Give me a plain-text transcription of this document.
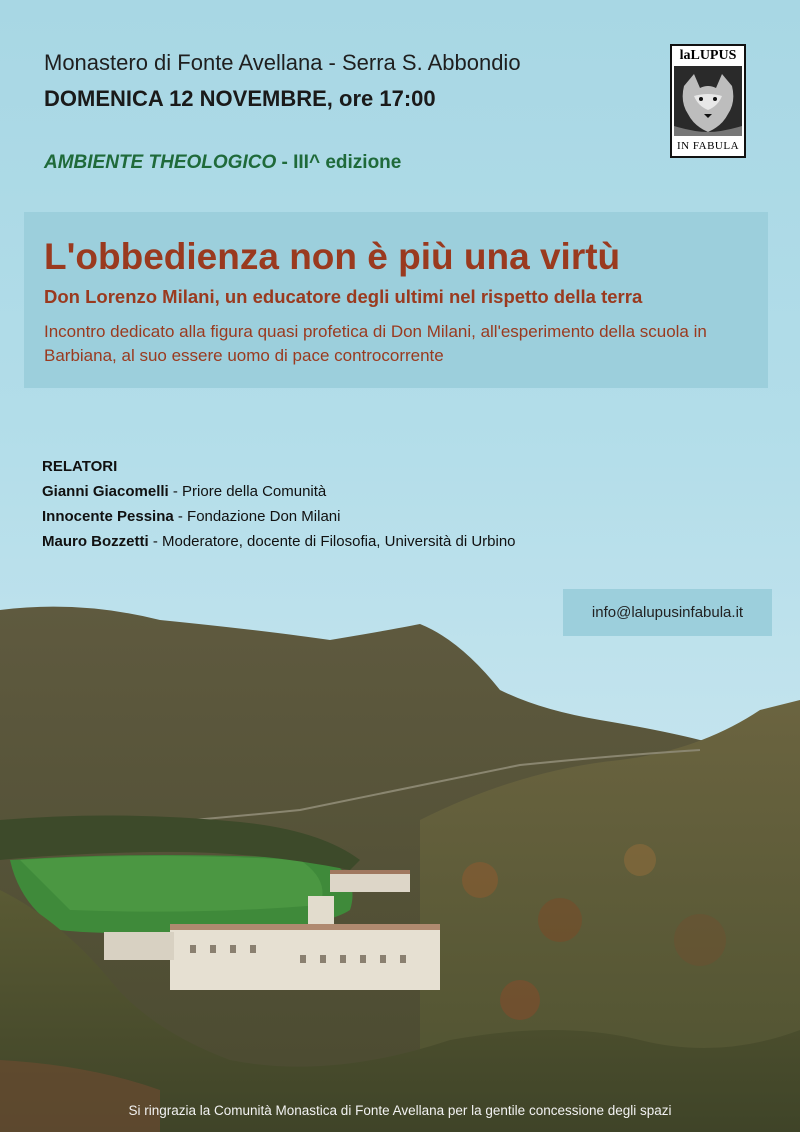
Monastero di Fonte Avellana - Serra S. Abbondio
DOMENICA 12 NOVEMBRE, ore 17:00
AMBIENTE THEOLOGICO - III^ edizione
laLUPUS
IN FABULA
L'obbedienza non è più una virtù
Don Lorenzo Milani, un educatore degli ultimi nel rispetto della terra
Incontro dedicato alla figura quasi profetica di Don Milani, all'esperimento della scuola in Barbiana, al suo essere uomo di pace controcorrente
RELATORI
Gianni Giacomelli - Priore della Comunità
Innocente Pessina - Fondazione Don Milani
Mauro Bozzetti - Moderatore, docente di Filosofia, Università di Urbino
info@lalupusinfabula.it
Si ringrazia la Comunità Monastica di Fonte Avellana per la gentile concessione degli spazi
